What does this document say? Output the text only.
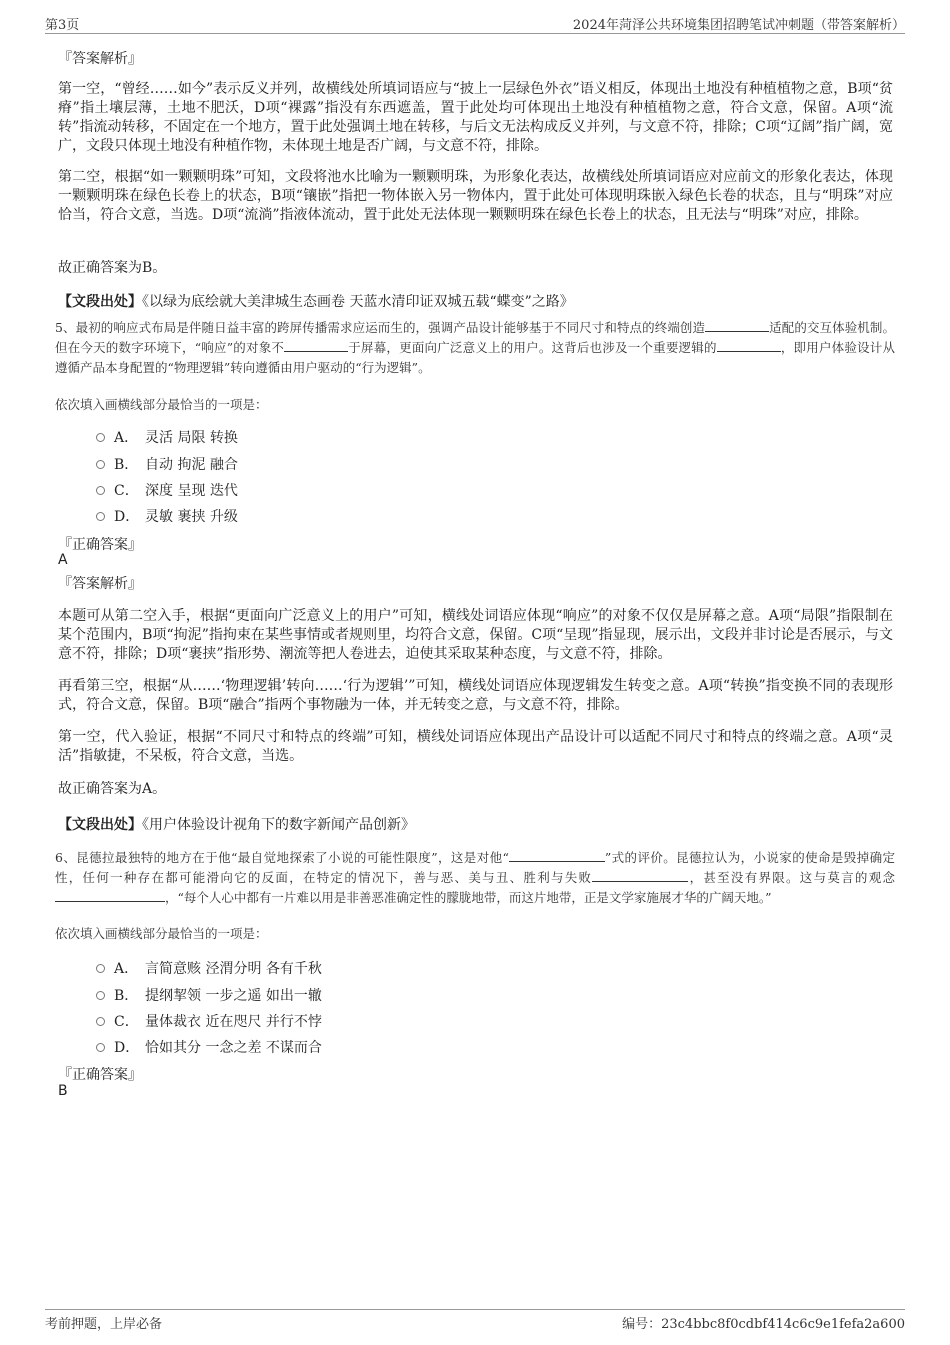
第3页	2024年菏泽公共环境集团招聘笔试冲刺题（带答案解析）
『答案解析』
第一空，“曾经……如今”表示反义并列，故横线处所填词语应与“披上一层绿色外衣”语义相反，体现出土地没有种植植物之意，B项“贫瘠”指土壤层薄，土地不肥沃，D项“裸露”指没有东西遮盖，置于此处均可体现出土地没有种植植物之意，符合文意，保留。A项“流转”指流动转移，不固定在一个地方，置于此处强调土地在转移，与后文无法构成反义并列，与文意不符，排除；C项“辽阔”指广阔，宽广，文段只体现土地没有种植作物，未体现土地是否广阔，与文意不符，排除。
第二空，根据“如一颗颗明珠”可知，文段将池水比喻为一颗颗明珠，为形象化表达，故横线处所填词语应对应前文的形象化表达，体现一颗颗明珠在绿色长卷上的状态，B项“镶嵌”指把一物体嵌入另一物体内，置于此处可体现明珠嵌入绿色长卷的状态，且与“明珠”对应恰当，符合文意，当选。D项“流淌”指液体流动，置于此处无法体现一颗颗明珠在绿色长卷上的状态，且无法与“明珠”对应，排除。
故正确答案为B。
【文段出处】《以绿为底绘就大美津城生态画卷 天蓝水清印证双城五载“蝶变”之路》
5、最初的响应式布局是伴随日益丰富的跨屏传播需求应运而生的，强调产品设计能够基于不同尺寸和特点的终端创造	适配的交互体验机制。但在今天的数字环境下，“响应”的对象不	于屏幕，更面向广泛意义上的用户。这背后也涉及一个重要逻辑的	，即用户体验设计从遵循产品本身配置的“物理逻辑”转向遵循由用户驱动的“行为逻辑”。
依次填入画横线部分最恰当的一项是：
A． 灵活 局限 转换
B． 自动 拘泥 融合
C． 深度 呈现 迭代
D． 灵敏 裹挟 升级
『正确答案』
A
『答案解析』
本题可从第二空入手，根据“更面向广泛意义上的用户”可知，横线处词语应体现“响应”的对象不仅仅是屏幕之意。A项“局限”指限制在某个范围内，B项“拘泥”指拘束在某些事情或者规则里，均符合文意，保留。C项“呈现”指显现，展示出，文段并非讨论是否展示，与文意不符，排除；D项“裹挟”指形势、潮流等把人卷进去，迫使其采取某种态度，与文意不符，排除。
再看第三空，根据“从……‘物理逻辑’转向……‘行为逻辑’”可知，横线处词语应体现逻辑发生转变之意。A项“转换”指变换不同的表现形式，符合文意，保留。B项“融合”指两个事物融为一体，并无转变之意，与文意不符，排除。
第一空，代入验证，根据“不同尺寸和特点的终端”可知，横线处词语应体现出产品设计可以适配不同尺寸和特点的终端之意。A项“灵活”指敏捷，不呆板，符合文意，当选。
故正确答案为A。
【文段出处】《用户体验设计视角下的数字新闻产品创新》
6、昆德拉最独特的地方在于他“最自觉地探索了小说的可能性限度”，这是对他“	”式的评价。昆德拉认为，小说家的使命是毁掉确定性，任何一种存在都可能滑向它的反面，在特定的情况下，善与恶、美与丑、胜利与失败	，甚至没有界限。这与莫言的观念，“每个人心中都有一片难以用是非善恶准确定性的朦胧地带，而这片地带，正是文学家施展才华的广阔天地。”
依次填入画横线部分最恰当的一项是：
A． 言简意赅 泾渭分明 各有千秋
B． 提纲挈领 一步之遥 如出一辙
C． 量体裁衣 近在咫尺 并行不悖
D． 恰如其分 一念之差 不谋而合
『正确答案』
B
考前押题，上岸必备	编号：23c4bbc8f0cdbf414c6c9e1fefa2a600
